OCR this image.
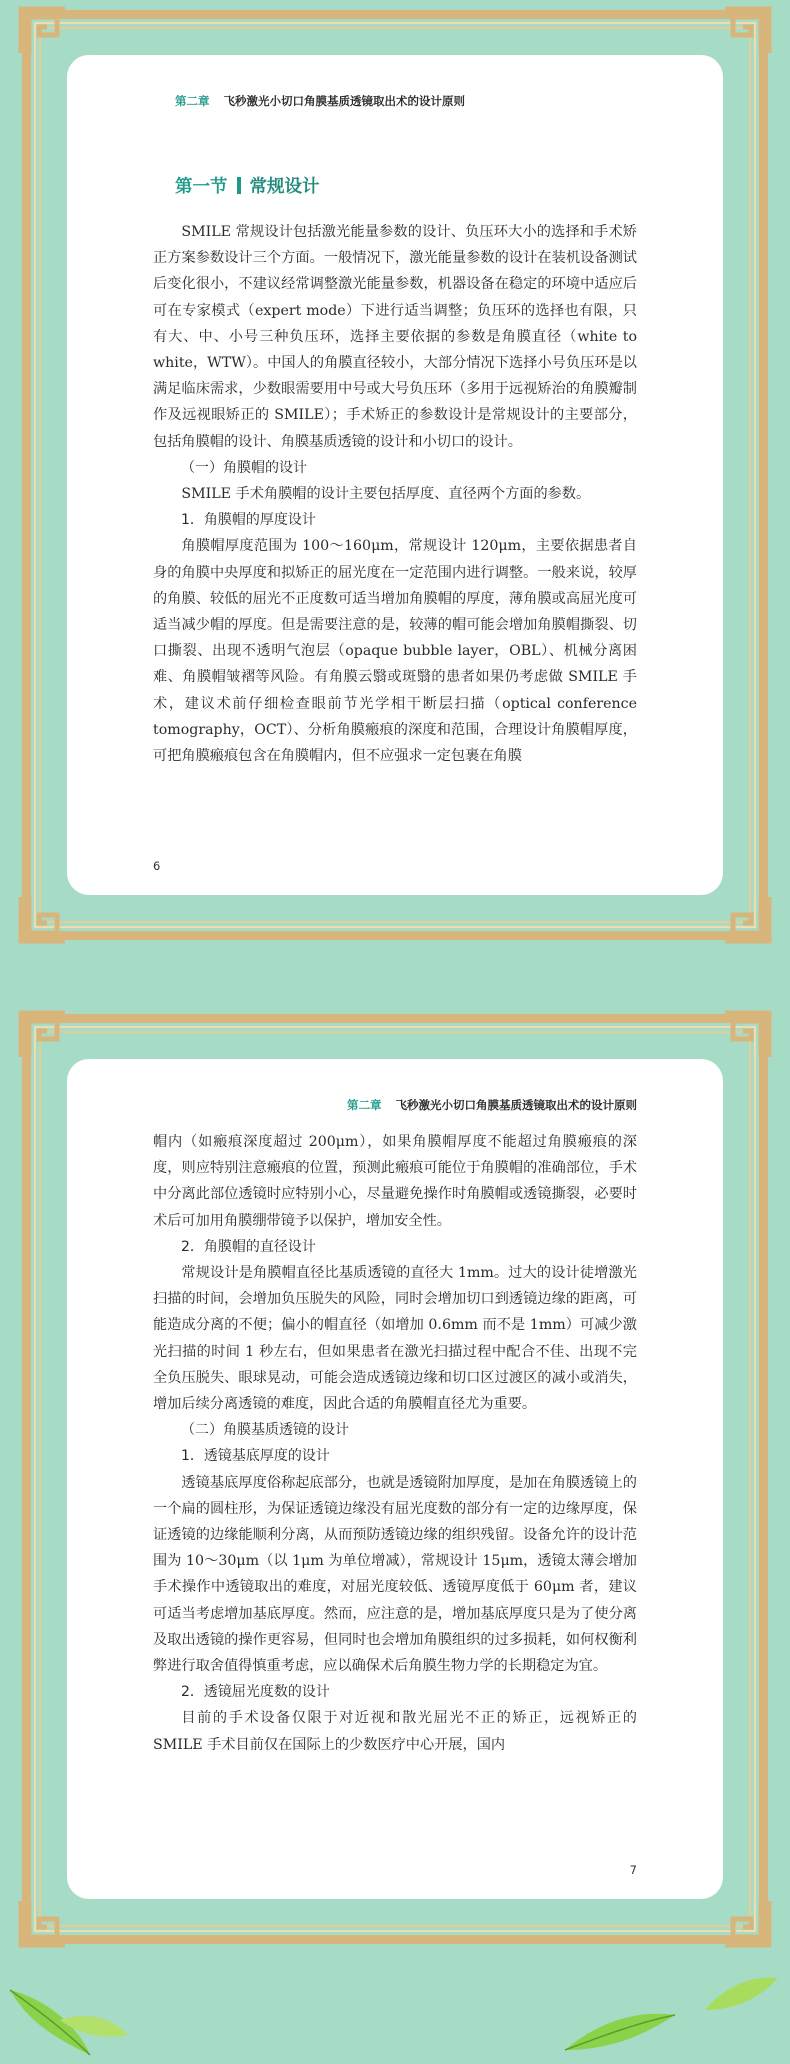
第二章 飞秒激光小切口角膜基质透镜取出术的设计原则
第一节 常规设计

SMILE 常规设计包括激光能量参数的设计、负压环大小的选择和手术矫正方案参数设计三个方面。一般情况下，激光能量参数的设计在装机设备测试后变化很小，不建议经常调整激光能量参数，机器设备在稳定的环境中适应后可在专家模式（expert mode）下进行适当调整；负压环的选择也有限，只有大、中、小号三种负压环，选择主要依据的参数是角膜直径（white to white，WTW）。中国人的角膜直径较小，大部分情况下选择小号负压环是以满足临床需求，少数眼需要用中号或大号负压环（多用于远视矫治的角膜瓣制作及远视眼矫正的 SMILE）；手术矫正的参数设计是常规设计的主要部分，包括角膜帽的设计、角膜基质透镜的设计和小切口的设计。

（一）角膜帽的设计

SMILE 手术角膜帽的设计主要包括厚度、直径两个方面的参数。

1．角膜帽的厚度设计

角膜帽厚度范围为 100～160μm，常规设计 120μm，主要依据患者自身的角膜中央厚度和拟矫正的屈光度在一定范围内进行调整。一般来说，较厚的角膜、较低的屈光不正度数可适当增加角膜帽的厚度，薄角膜或高屈光度可适当减少帽的厚度。但是需要注意的是，较薄的帽可能会增加角膜帽撕裂、切口撕裂、出现不透明气泡层（opaque bubble layer，OBL）、机械分离困难、角膜帽皱褶等风险。有角膜云翳或斑翳的患者如果仍考虑做 SMILE 手术，建议术前仔细检查眼前节光学相干断层扫描（optical conference tomography，OCT）、分析角膜瘢痕的深度和范围，合理设计角膜帽厚度，可把角膜瘢痕包含在角膜帽内，但不应强求一定包裹在角膜

6
第二章 飞秒激光小切口角膜基质透镜取出术的设计原则

帽内（如瘢痕深度超过 200μm），如果角膜帽厚度不能超过角膜瘢痕的深度，则应特别注意瘢痕的位置，预测此瘢痕可能位于角膜帽的准确部位，手术中分离此部位透镜时应特别小心，尽量避免操作时角膜帽或透镜撕裂，必要时术后可加用角膜绷带镜予以保护，增加安全性。

2．角膜帽的直径设计

常规设计是角膜帽直径比基质透镜的直径大 1mm。过大的设计徒增激光扫描的时间，会增加负压脱失的风险，同时会增加切口到透镜边缘的距离，可能造成分离的不便；偏小的帽直径（如增加 0.6mm 而不是 1mm）可减少激光扫描的时间 1 秒左右，但如果患者在激光扫描过程中配合不佳、出现不完全负压脱失、眼球晃动，可能会造成透镜边缘和切口区过渡区的减小或消失，增加后续分离透镜的难度，因此合适的角膜帽直径尤为重要。

（二）角膜基质透镜的设计
1．透镜基底厚度的设计

透镜基底厚度俗称起底部分，也就是透镜附加厚度，是加在角膜透镜上的一个扁的圆柱形，为保证透镜边缘没有屈光度数的部分有一定的边缘厚度，保证透镜的边缘能顺利分离，从而预防透镜边缘的组织残留。设备允许的设计范围为 10～30μm（以 1μm 为单位增减），常规设计 15μm，透镜太薄会增加手术操作中透镜取出的难度，对屈光度较低、透镜厚度低于 60μm 者，建议可适当考虑增加基底厚度。然而，应注意的是，增加基底厚度只是为了使分离及取出透镜的操作更容易，但同时也会增加角膜组织的过多损耗，如何权衡利弊进行取舍值得慎重考虑，应以确保术后角膜生物力学的长期稳定为宜。

2．透镜屈光度数的设计

目前的手术设备仅限于对近视和散光屈光不正的矫正，远视矫正的 SMILE 手术目前仅在国际上的少数医疗中心开展，国内

7
